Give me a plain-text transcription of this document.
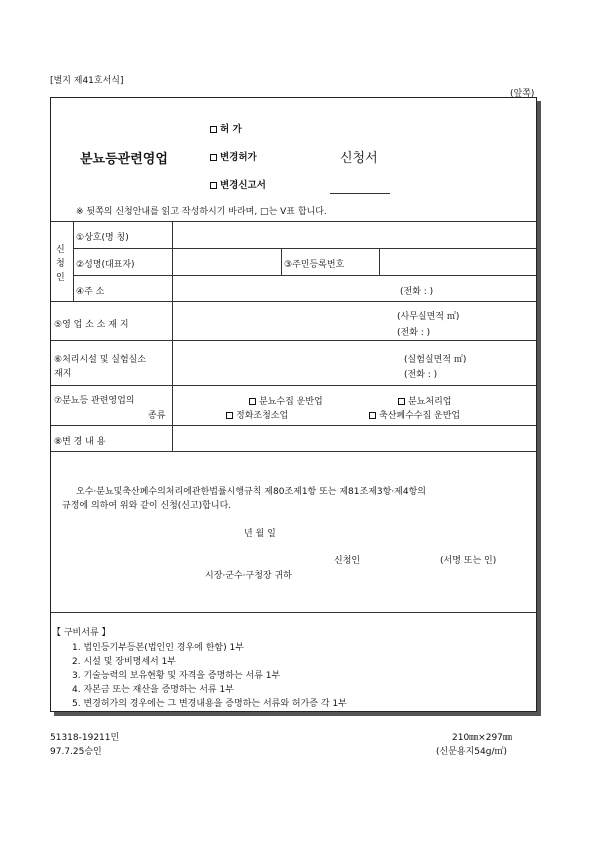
[별지 제41호서식]
(앞쪽)
분뇨등관련영업
허 가
변경허가
변경신고서
신청서
※ 뒷쪽의 신청안내를 읽고 작성하시기 바라며, □는 V표 합니다.
신
청
인
①상호(명 칭)
②성명(대표자)	③주민등록번호
④주 소	(전화 : )
⑤영 업 소 소 재 지
(사무실면적 ㎡)
(전화 : )
⑥처리시설 및 실험실소
재지
(실험실면적 ㎡)
(전화 : )
⑦분뇨등 관련영업의
종류
분뇨수집 운반업	분뇨처리업
정화조청소업	축산폐수수집 운반업
⑧변 경 내 용
오수·분뇨및축산폐수의처리에관한법률시행규칙 제80조제1항 또는 제81조제3항·제4항의
규정에 의하여 위와 같이 신청(신고)합니다.
년 월 일
신청인	(서명 또는 인)
시장·군수·구청장 귀하
【 구비서류 】
1. 법인등기부등본(법인인 경우에 한함) 1부
2. 시설 및 장비명세서 1부
3. 기술능력의 보유현황 및 자격을 증명하는 서류 1부
4. 자본금 또는 재산을 증명하는 서류 1부
5. 변경허가의 경우에는 그 변경내용을 증명하는 서류와 허가증 각 1부
51318-19211민
97.7.25승인
210㎜×297㎜
(신문용지54g/㎡)
